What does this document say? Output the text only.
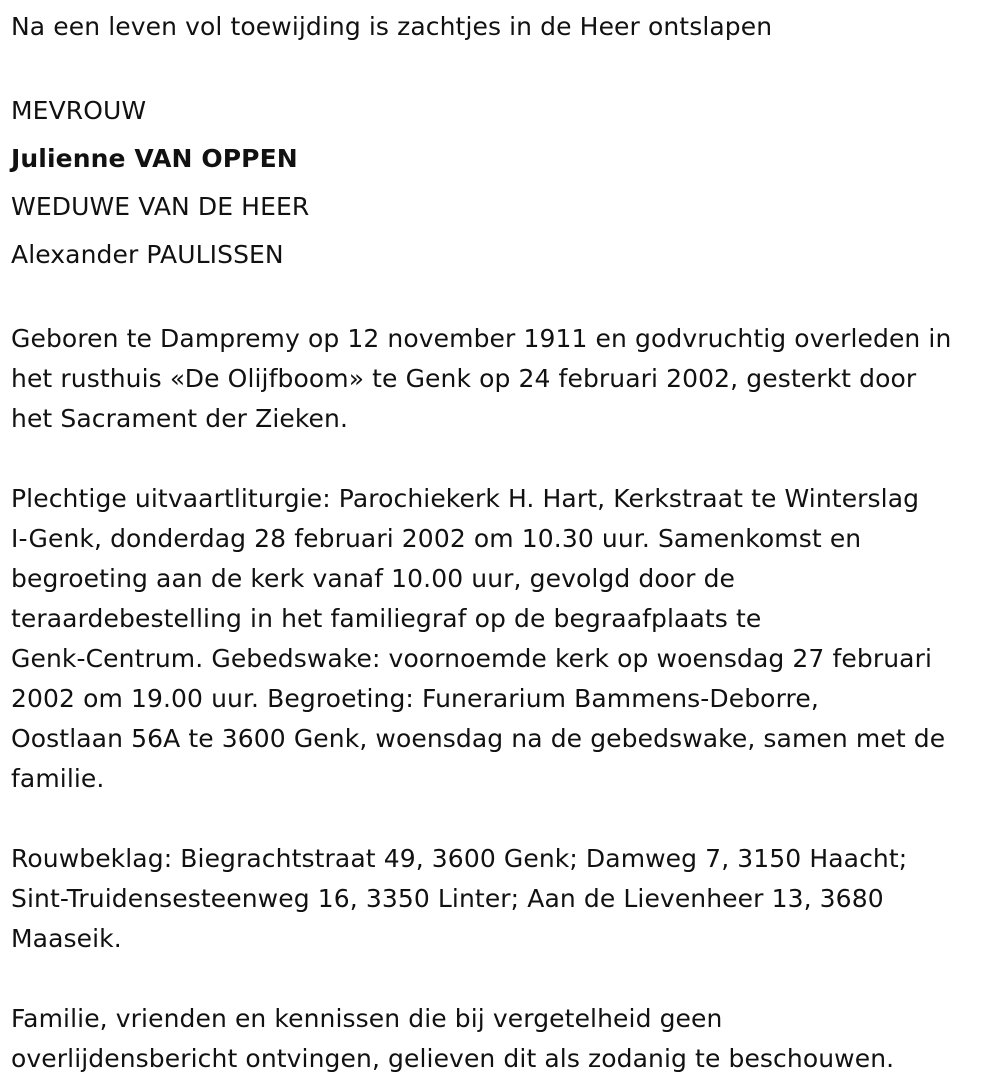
Na een leven vol toewijding is zachtjes in de Heer ontslapen
MEVROUW
Julienne VAN OPPEN
WEDUWE VAN DE HEER
Alexander PAULISSEN
Geboren te Dampremy op 12 november 1911 en godvruchtig overleden in
het rusthuis «De Olijfboom» te Genk op 24 februari 2002, gesterkt door
het Sacrament der Zieken.
Plechtige uitvaartliturgie: Parochiekerk H. Hart, Kerkstraat te Winterslag
I-Genk, donderdag 28 februari 2002 om 10.30 uur. Samenkomst en
begroeting aan de kerk vanaf 10.00 uur, gevolgd door de
teraardebestelling in het familiegraf op de begraafplaats te
Genk-Centrum. Gebedswake: voornoemde kerk op woensdag 27 februari
2002 om 19.00 uur. Begroeting: Funerarium Bammens-Deborre,
Oostlaan 56A te 3600 Genk, woensdag na de gebedswake, samen met de
familie.
Rouwbeklag: Biegrachtstraat 49, 3600 Genk; Damweg 7, 3150 Haacht;
Sint-Truidensesteenweg 16, 3350 Linter; Aan de Lievenheer 13, 3680
Maaseik.
Familie, vrienden en kennissen die bij vergetelheid geen
overlijdensbericht ontvingen, gelieven dit als zodanig te beschouwen.
